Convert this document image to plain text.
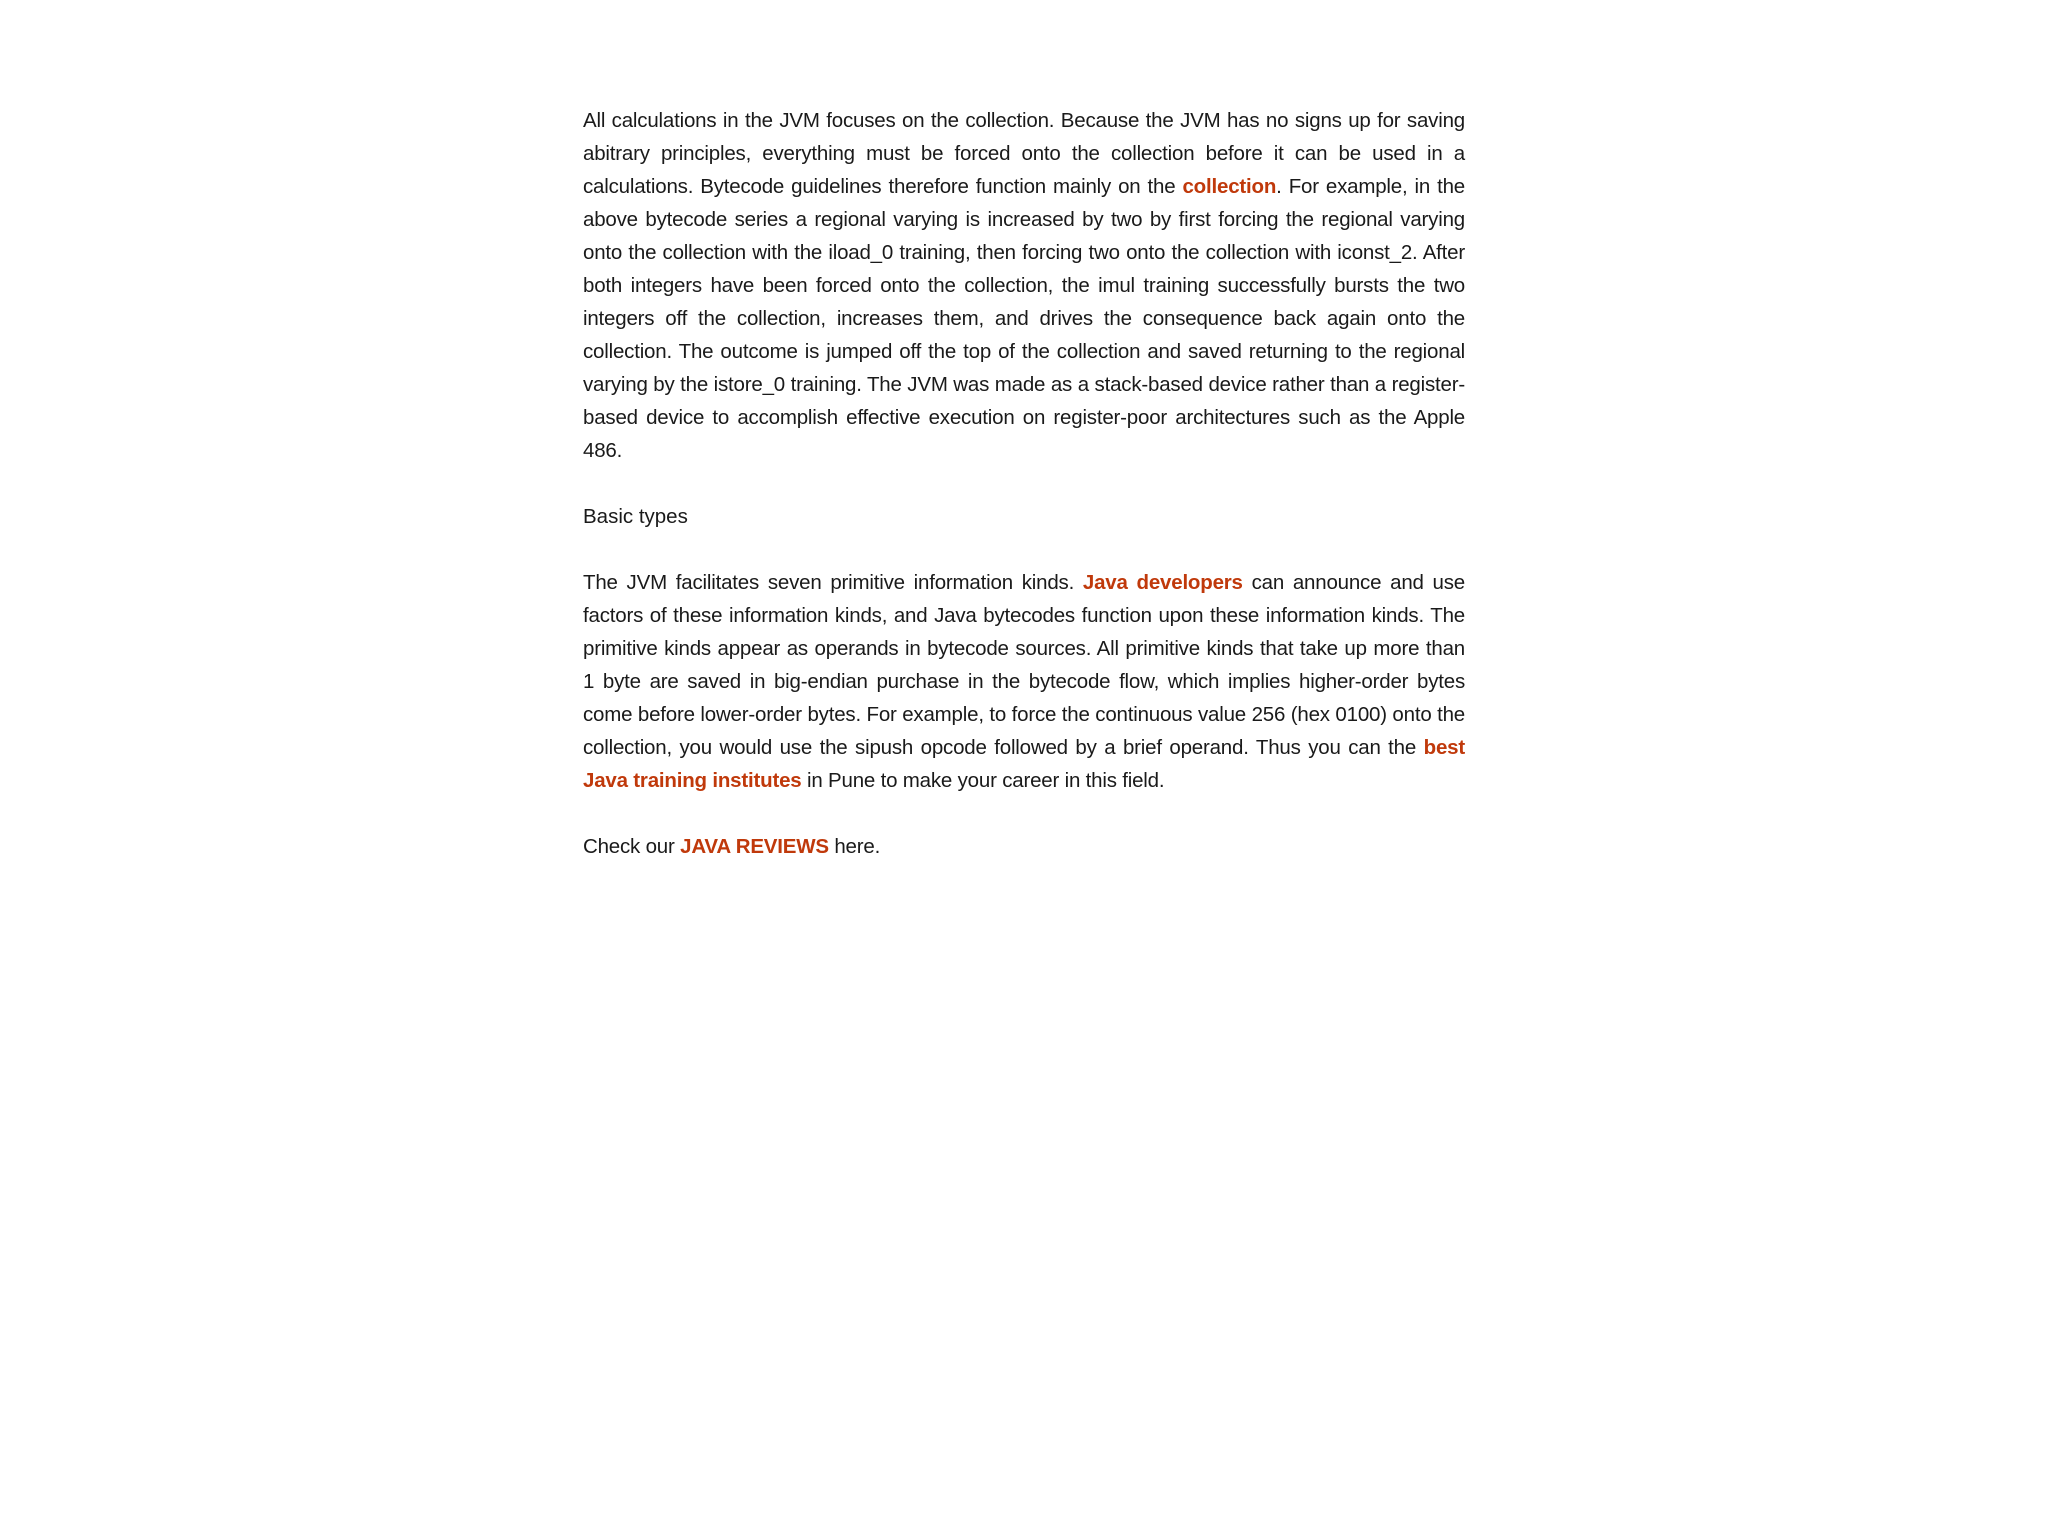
All calculations in the JVM focuses on the collection. Because the JVM has no signs up for saving abitrary principles, everything must be forced onto the collection before it can be used in a calculations. Bytecode guidelines therefore function mainly on the collection. For example, in the above bytecode series a regional varying is increased by two by first forcing the regional varying onto the collection with the iload_0 training, then forcing two onto the collection with iconst_2. After both integers have been forced onto the collection, the imul training successfully bursts the two integers off the collection, increases them, and drives the consequence back again onto the collection. The outcome is jumped off the top of the collection and saved returning to the regional varying by the istore_0 training. The JVM was made as a stack-based device rather than a register-based device to accomplish effective execution on register-poor architectures such as the Apple 486.

Basic types

The JVM facilitates seven primitive information kinds. Java developers can announce and use factors of these information kinds, and Java bytecodes function upon these information kinds. The primitive kinds appear as operands in bytecode sources. All primitive kinds that take up more than 1 byte are saved in big-endian purchase in the bytecode flow, which implies higher-order bytes come before lower-order bytes. For example, to force the continuous value 256 (hex 0100) onto the collection, you would use the sipush opcode followed by a brief operand. Thus you can the best Java training institutes in Pune to make your career in this field.

Check our JAVA REVIEWS here.
